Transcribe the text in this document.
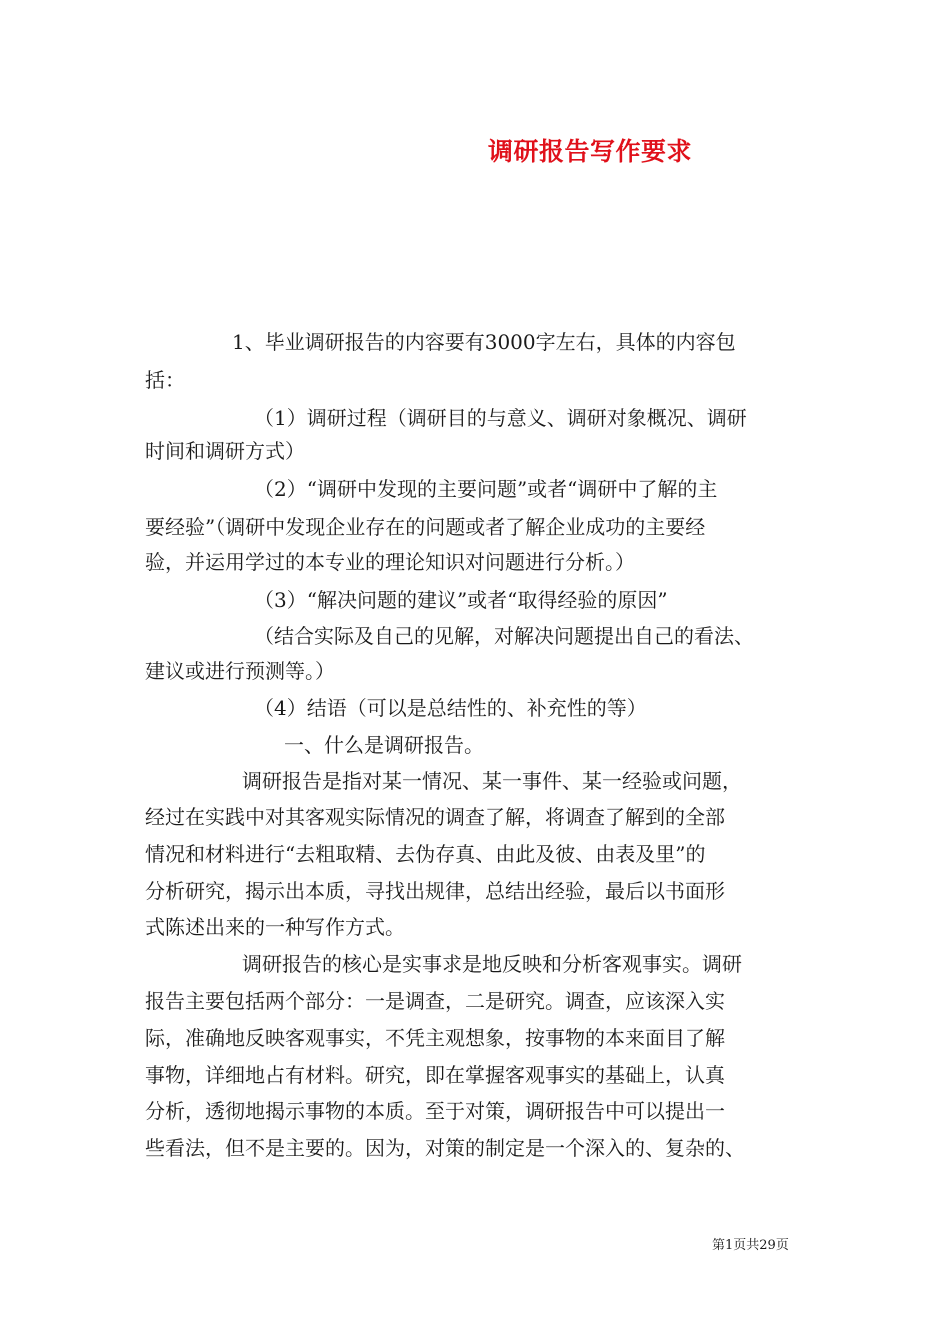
调研报告写作要求
1、毕业调研报告的内容要有3000字左右，具体的内容包
括：
（1）调研过程（调研目的与意义、调研对象概况、调研
时间和调研方式）
（2）“调研中发现的主要问题”或者“调研中了解的主
要经验”（调研中发现企业存在的问题或者了解企业成功的主要经
验，并运用学过的本专业的理论知识对问题进行分析。）
（3）“解决问题的建议”或者“取得经验的原因”
（结合实际及自己的见解，对解决问题提出自己的看法、
建议或进行预测等。）
（4）结语（可以是总结性的、补充性的等）
一、什么是调研报告。
调研报告是指对某一情况、某一事件、某一经验或问题，
经过在实践中对其客观实际情况的调查了解，将调查了解到的全部
情况和材料进行“去粗取精、去伪存真、由此及彼、由表及里”的
分析研究，揭示出本质，寻找出规律，总结出经验，最后以书面形
式陈述出来的一种写作方式。
调研报告的核心是实事求是地反映和分析客观事实。调研
报告主要包括两个部分：一是调查，二是研究。调查，应该深入实
际，准确地反映客观事实，不凭主观想象，按事物的本来面目了解
事物，详细地占有材料。研究，即在掌握客观事实的基础上，认真
分析，透彻地揭示事物的本质。至于对策，调研报告中可以提出一
些看法，但不是主要的。因为，对策的制定是一个深入的、复杂的、
第1页共29页
